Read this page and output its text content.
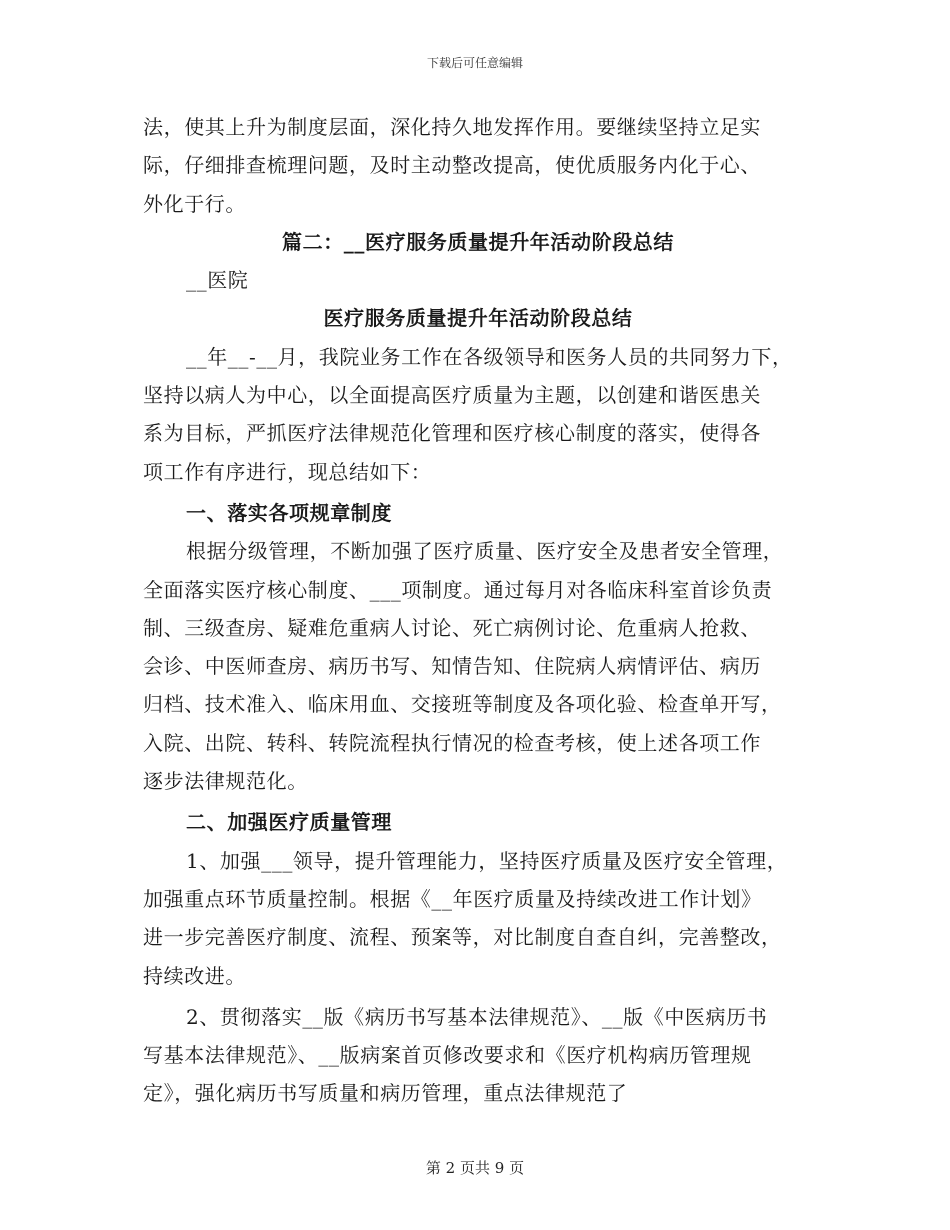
下载后可任意编辑

法，使其上升为制度层面，深化持久地发挥作用。要继续坚持立足实

际，仔细排查梳理问题，及时主动整改提高，使优质服务内化于心、

外化于行。

篇二：__医疗服务质量提升年活动阶段总结

__医院

医疗服务质量提升年活动阶段总结

__年__-__月，我院业务工作在各级领导和医务人员的共同努力下，

坚持以病人为中心，以全面提高医疗质量为主题，以创建和谐医患关

系为目标，严抓医疗法律规范化管理和医疗核心制度的落实，使得各

项工作有序进行，现总结如下：

一、落实各项规章制度

根据分级管理，不断加强了医疗质量、医疗安全及患者安全管理，

全面落实医疗核心制度、___项制度。通过每月对各临床科室首诊负责

制、三级查房、疑难危重病人讨论、死亡病例讨论、危重病人抢救、

会诊、中医师查房、病历书写、知情告知、住院病人病情评估、病历

归档、技术准入、临床用血、交接班等制度及各项化验、检查单开写，

入院、出院、转科、转院流程执行情况的检查考核，使上述各项工作

逐步法律规范化。

二、加强医疗质量管理

1、加强___领导，提升管理能力，坚持医疗质量及医疗安全管理，

加强重点环节质量控制。根据《__年医疗质量及持续改进工作计划》

进一步完善医疗制度、流程、预案等，对比制度自查自纠，完善整改，

持续改进。

2、贯彻落实__版《病历书写基本法律规范》、__版《中医病历书

写基本法律规范》、__版病案首页修改要求和《医疗机构病历管理规

定》，强化病历书写质量和病历管理，重点法律规范了

第 2 页共 9 页
